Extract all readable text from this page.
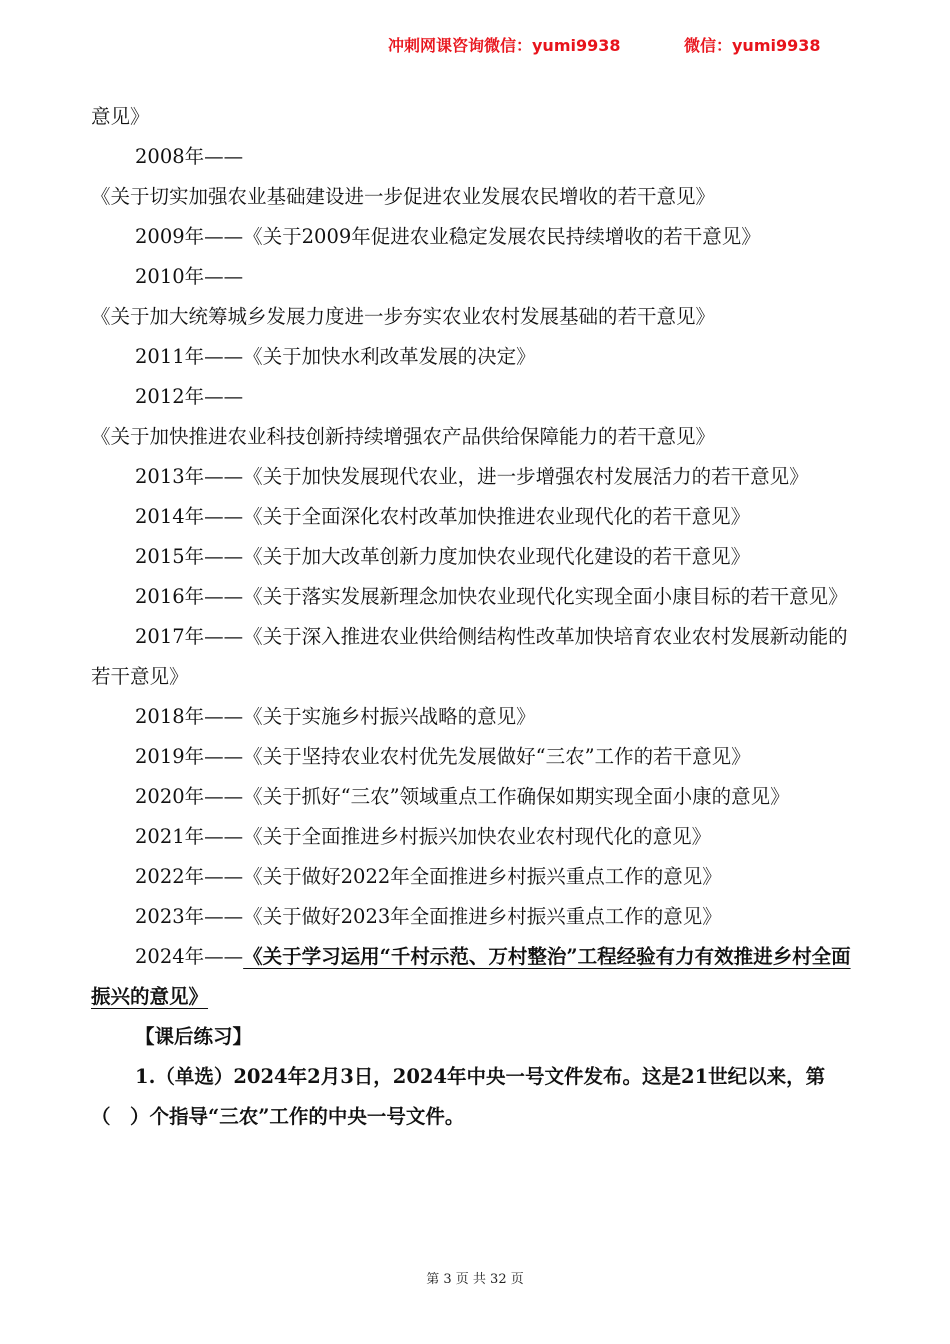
冲刺网课咨询微信：yumi9938	微信：yumi9938

意见》

2008年——《关于切实加强农业基础建设进一步促进农业发展农民增收的若干意见》

2009年——《关于2009年促进农业稳定发展农民持续增收的若干意见》

2010年——《关于加大统筹城乡发展力度进一步夯实农业农村发展基础的若干意见》

2011年——《关于加快水利改革发展的决定》

2012年——《关于加快推进农业科技创新持续增强农产品供给保障能力的若干意见》

2013年——《关于加快发展现代农业，进一步增强农村发展活力的若干意见》

2014年——《关于全面深化农村改革加快推进农业现代化的若干意见》

2015年——《关于加大改革创新力度加快农业现代化建设的若干意见》

2016年——《关于落实发展新理念加快农业现代化实现全面小康目标的若干意见》

2017年——《关于深入推进农业供给侧结构性改革加快培育农业农村发展新动能的若干意见》

2018年——《关于实施乡村振兴战略的意见》

2019年——《关于坚持农业农村优先发展做好“三农”工作的若干意见》

2020年——《关于抓好“三农”领域重点工作确保如期实现全面小康的意见》

2021年——《关于全面推进乡村振兴加快农业农村现代化的意见》

2022年——《关于做好2022年全面推进乡村振兴重点工作的意见》

2023年——《关于做好2023年全面推进乡村振兴重点工作的意见》

2024年——《关于学习运用“千村示范、万村整治”工程经验有力有效推进乡村全面振兴的意见》

【课后练习】

1.（单选）2024年2月3日，2024年中央一号文件发布。这是21世纪以来，第（　）个指导“三农”工作的中央一号文件。

第 3 页 共 32 页
